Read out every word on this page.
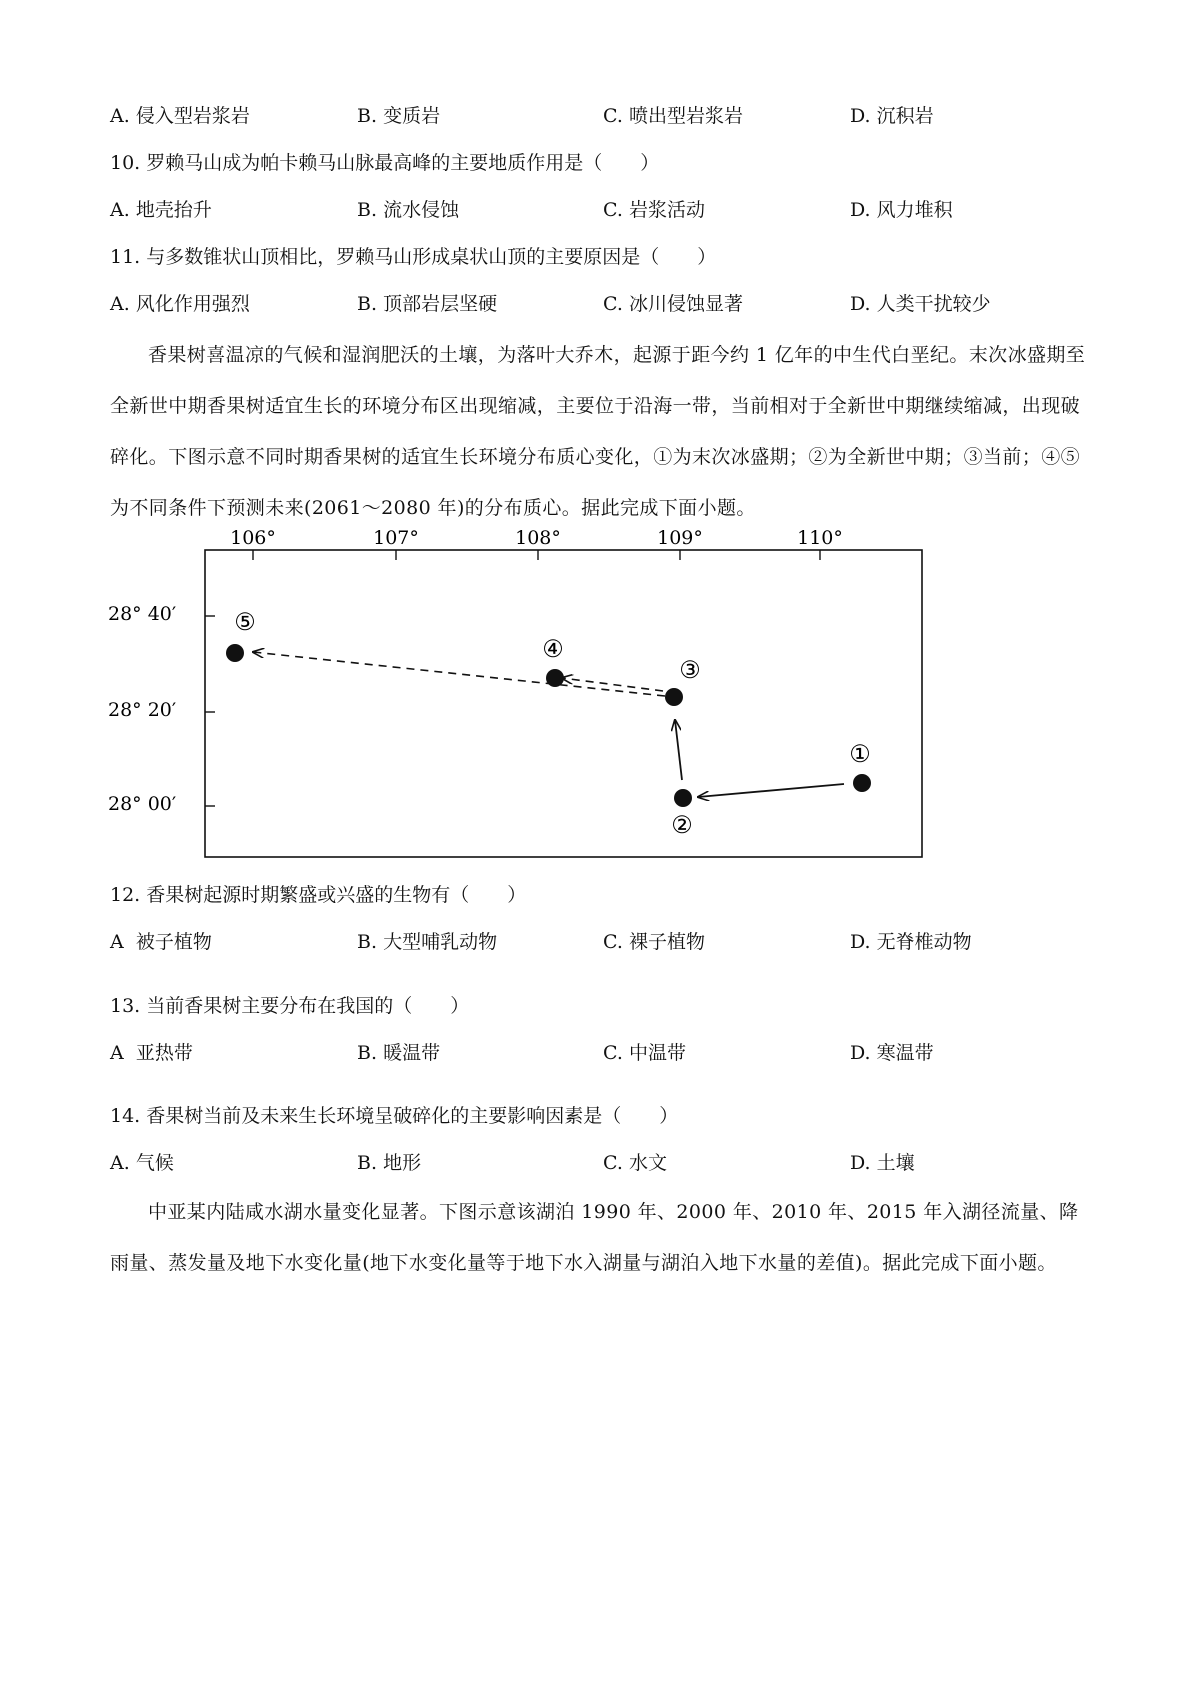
A. 侵入型岩浆岩	B. 变质岩	C. 喷出型岩浆岩	D. 沉积岩
10. 罗赖马山成为帕卡赖马山脉最高峰的主要地质作用是（　　）
A. 地壳抬升	B. 流水侵蚀	C. 岩浆活动	D. 风力堆积
11. 与多数锥状山顶相比，罗赖马山形成桌状山顶的主要原因是（　　）
A. 风化作用强烈	B. 顶部岩层坚硬	C. 冰川侵蚀显著	D. 人类干扰较少

香果树喜温凉的气候和湿润肥沃的土壤，为落叶大乔木，起源于距今约 1 亿年的中生代白垩纪。末次冰盛期至全新世中期香果树适宜生长的环境分布区出现缩减，主要位于沿海一带，当前相对于全新世中期继续缩减，出现破碎化。下图示意不同时期香果树的适宜生长环境分布质心变化，①为末次冰盛期；②为全新世中期；③当前；④⑤为不同条件下预测未来(2061～2080 年)的分布质心。据此完成下面小题。

106°	107°	108°	109°	110°
28° 40′
28° 20′
28° 00′
①
②
③
④
⑤
12. 香果树起源时期繁盛或兴盛的生物有（　　）
A 被子植物	B. 大型哺乳动物	C. 裸子植物	D. 无脊椎动物
13. 当前香果树主要分布在我国的（　　）
A 亚热带	B. 暖温带	C. 中温带	D. 寒温带
14. 香果树当前及未来生长环境呈破碎化的主要影响因素是（　　）
A. 气候	B. 地形	C. 水文	D. 土壤

中亚某内陆咸水湖水量变化显著。下图示意该湖泊 1990 年、2000 年、2010 年、2015 年入湖径流量、降雨量、蒸发量及地下水变化量(地下水变化量等于地下水入湖量与湖泊入地下水量的差值)。据此完成下面小题。
